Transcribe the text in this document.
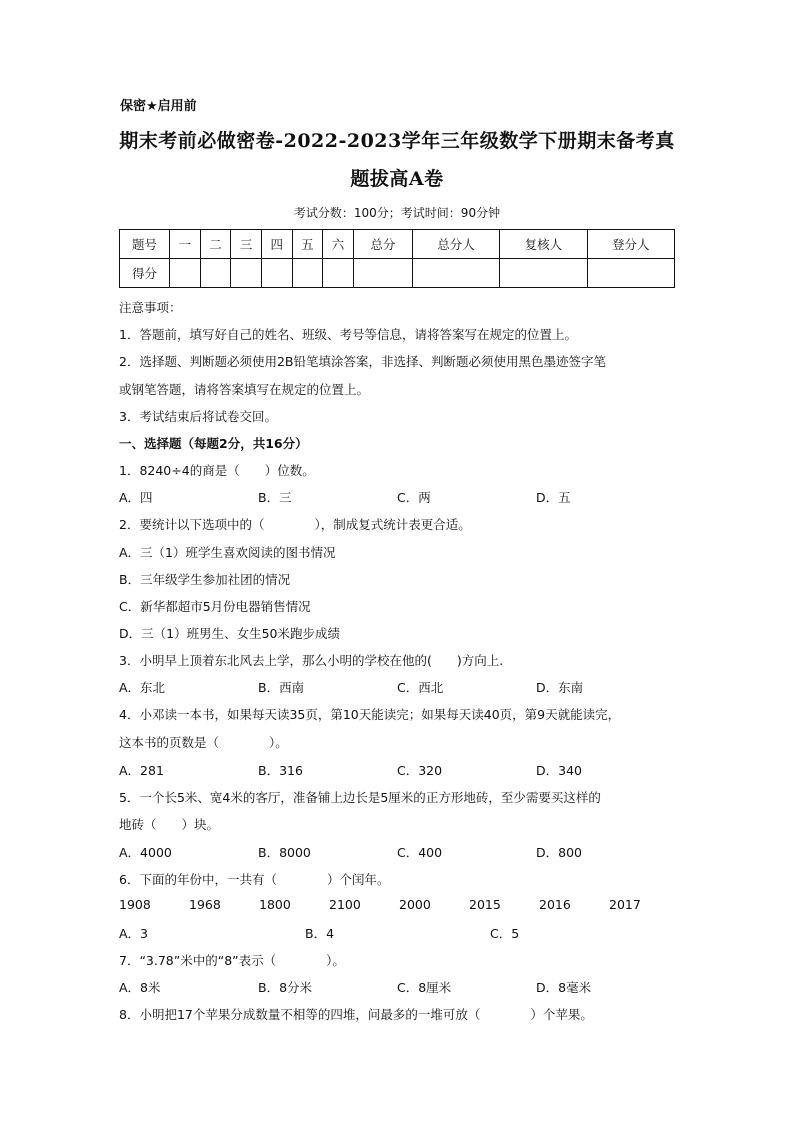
保密★启用前
期末考前必做密卷-2022-2023学年三年级数学下册期末备考真
题拔高A卷
考试分数：100分；考试时间：90分钟
题号	一	二	三	四	五	六	总分	总分人	复核人	登分人
得分										
注意事项：
1．答题前，填写好自己的姓名、班级、考号等信息，请将答案写在规定的位置上。
2．选择题、判断题必须使用2B铅笔填涂答案，非选择、判断题必须使用黑色墨迹签字笔
或钢笔答题，请将答案填写在规定的位置上。
3．考试结束后将试卷交回。
一、选择题（每题2分，共16分）
1．8240÷4的商是（　　）位数。
A．四	B．三	C．两	D．五
2．要统计以下选项中的（　　　　），制成复式统计表更合适。
A．三（1）班学生喜欢阅读的图书情况
B．三年级学生参加社团的情况
C．新华都超市5月份电器销售情况
D．三（1）班男生、女生50米跑步成绩
3．小明早上顶着东北风去上学，那么小明的学校在他的(　　)方向上.
A．东北	B．西南	C．西北	D．东南
4．小邓读一本书，如果每天读35页，第10天能读完；如果每天读40页，第9天就能读完，
这本书的页数是（　　　　）。
A．281	B．316	C．320	D．340
5．一个长5米、宽4米的客厅，准备铺上边长是5厘米的正方形地砖，至少需要买这样的
地砖（　　）块。
A．4000	B．8000	C．400	D．800
6．下面的年份中，一共有（　　　　）个闰年。
1908	1968	1800	2100	2000	2015	2016	2017
A．3	B．4	C．5
7．“3.78”米中的“8”表示（　　　　）。
A．8米	B．8分米	C．8厘米	D．8毫米
8．小明把17个苹果分成数量不相等的四堆，问最多的一堆可放（　　　　）个苹果。
